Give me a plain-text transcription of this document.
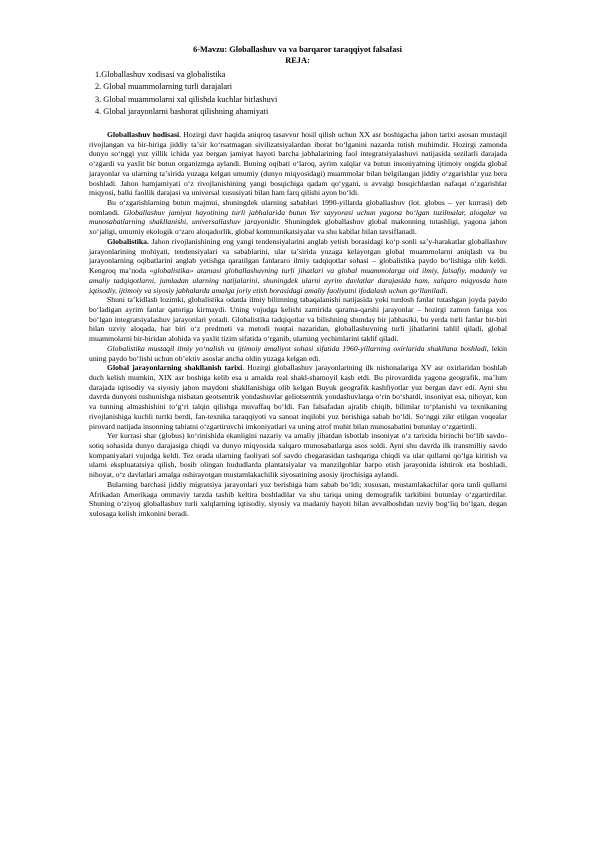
6-Mavzu: Globallashuv va va barqaror taraqqiyot falsafasi
REJA:
1.Globallashuv xodisasi va globalistika
2. Global muammolarning turli darajalari
3. Global muammolarni xal qilishda kuchlar birlashuvi
4. Global jarayonlarni bashorat qilishning ahamiyati

Globallashuv hodisasi. Hozirgi davr haqida aniqroq tasavvur hosil qilish uchun XX asr boshigacha jahon tarixi asosan mustaqil rivojlangan va bir-biriga jiddiy taʼsir koʻrsatmagan sivilizatsiyalardan iborat boʻlganini nazarda tutish muhimdir. Hozirgi zamonda dunyo soʻnggi yuz yillik ichida yaz bergan jamiyat hayoti barcha jabhalarining faol integratsiyalashuvi natijasida sezilarli darajada oʻzgardi va yaxlit bir butun organizmga aylandi. Buning oqibati oʻlaroq, ayrim xalqlar va butun insoniyatning ijtimoiy ongida global jarayonlar va ularning taʼsirida yuzaga kelgan umumiy (dunyo miqyosidagi) muammolar bilan belgilangan jiddiy oʻzgarishlar yuz bera boshladi. Jahon hamjamiyati oʻz rivojlanishining yangi bosqichiga qadam qoʻygani, u avvalgi bosqichlardan nafaqat oʻzgarishlar miqyosi, balki faollik darajasi va universal xususiyati bilan ham farq qilishi ayon boʻldi.

Bu oʻzgarishlarning butun majmui, shuningdek ularning sabablari 1990-yillarda globallashuv (lot. globus – yer kurrasi) deb nomlandi. Globallashuv jamiyat hayotining turli jabhalarida butun Yer sayyorasi uchun yagona boʻlgan tuzilmalar, aloqalar va munosabatlarning shakllanishi, universallashuv jarayonidir. Shuningdek globallashuv global makonning tutashligi, yagona jahon xoʻjaligi, umumiy ekologik oʻzaro aloqadorlik, global kommunikatsiyalar va shu kabilar bilan tavsiflanadi.

Globalistika. Jahon rivojlanishining eng yangi tendensiyalarini anglab yetish borasidagi koʻp sonli saʼy-harakatlar globallashuv jarayonlarining mohiyati, tendensiyalari va sabablarini, ular taʼsirida yuzaga kelayotgan global muammolarni aniqlash va bu jarayonlarning oqibatlarini anglab yetishga qaratilgan fanlararo ilmiy tadqiqotlar sohasi – globalistika paydo boʻlishiga olib keldi. Kengroq maʼnoda «globalistika» atamasi globallashuvning turli jihatlari va global muammolarga oid ilmiy, falsafiy, madaniy va amaliy tadqiqotlarni, jumladan ularning natijalarini, shuningdek ularni ayrim davlatlar darajasida ham, xalqaro miqyosda ham iqtisodiy, ijtimoiy va siyosiy jabhalarda amalga joriy etish borasidagi amaliy faoliyatni ifodalash uchun qoʻllaniladi.

Shuni taʼkidlash lozimki, globalistika odatda ilmiy bilimning tabaqalanishi natijasida yoki turdosh fanlar tutashgan joyda paydo boʻladigan ayrim fanlar qatoriga kirmaydi. Uning vujudga kelishi zamirida qarama-qarshi jarayonlar – hozirgi zamon faniga xos boʻlgan integratsiyalashuv jarayonlari yotadi. Globalistika tadqiqotlar va bilishning shunday bir jabhasiki, bu yerda turli fanlar bir-biri bilan uzviy aloqada, har biri oʻz predmeti va metodi nuqtai nazaridan, globallashuvning turli jihatlarini tahlil qiladi, global muammolarni bir-biridan alohida va yaxlit tizim sifatida oʻrganib, ularning yechimlarini taklif qiladi.

Globalistika mustaqil ilmiy yoʻnalish va ijtimoiy amaliyot sohasi sifatida 1960-yillarning oxirlarida shakllana boshladi, lekin uning paydo boʻlishi uchun obʼektiv asoslar ancha oldin yuzaga kelgan edi.

Global jarayonlarning shakllanish tarixi. Hozirgi globallashuv jarayonlarining ilk nishonalariga XV asr oxirlaridan boshlab duch kelish mumkin, XIX asr boshiga kelib esa u amalda real shakl-shamoyil kasb etdi. Bu pirovardida yagona geografik, maʼlum darajada iqtisodiy va siyosiy jahon maydoni shakllanishiga olib kelgan Buyuk geografik kashfiyotlar yuz bergan davr edi. Ayni shu davrda dunyoni tushunishga nisbatan geotsentrik yondashuvlar geliotsentrik yondashuvlarga oʻrin boʻshatdi, insoniyat esa, nihoyat, kun va tunning almashishini toʻgʻri talqin qilishga muvaffaq boʻldi. Fan falsafadan ajralib chiqib, bilimlar toʻplanishi va texnikaning rivojlanishiga kuchli turtki berdi, fan-texnika taraqqiyoti va sanoat inqilobi yuz berishiga sabab boʻldi. Soʻnggi zikr etilgan voqealar pirovard natijada insonning tabiatni oʻzgartiruvchi imkoniyatlari va uning atrof muhit bilan munosabatini butunlay oʻzgartirdi.

Yer kurrasi shar (globus) koʻrinishida ekanligini nazariy va amaliy jihatdan isbotlab insoniyat oʻz tarixida birinchi boʻlib savdo-sotiq sohasida dunyo darajasiga chiqdi va dunyo miqyosida xalqaro munosabatlarga asos soldi. Ayni shu davrda ilk transmilliy savdo kompaniyalari vujudga keldi. Tez orada ularning faoliyati sof savdo chegarasidan tashqariga chiqdi va ular qullarni qoʻlga kiritish va ularni ekspluatatsiya qilish, bosib olingan hududlarda plantatsiyalar va manzilgohlar barpo etish jarayonida ishtirok eta boshladi, nihoyat, oʻz davlatlari amalga oshirayotgan mustamlakachilik siyosatining asosiy ijrochisiga aylandi.

Bularning barchasi jiddiy migratsiya jarayonlari yuz berishiga ham sabab boʻldi; xususan, mustamlakachilar qora tanli qullarni Afrikadan Amerikaga ommaviy tarzda tashib keltira boshladilar va shu tariqa uning demografik tarkibini butunlay oʻzgartirdilar. Shuning oʻziyoq globallashuv turli xalqlarning iqtisodiy, siyosiy va madaniy hayoti bilan avvalboshdan uzviy bogʻliq boʻlgan, degan xulosaga kelish imkonini beradi.
